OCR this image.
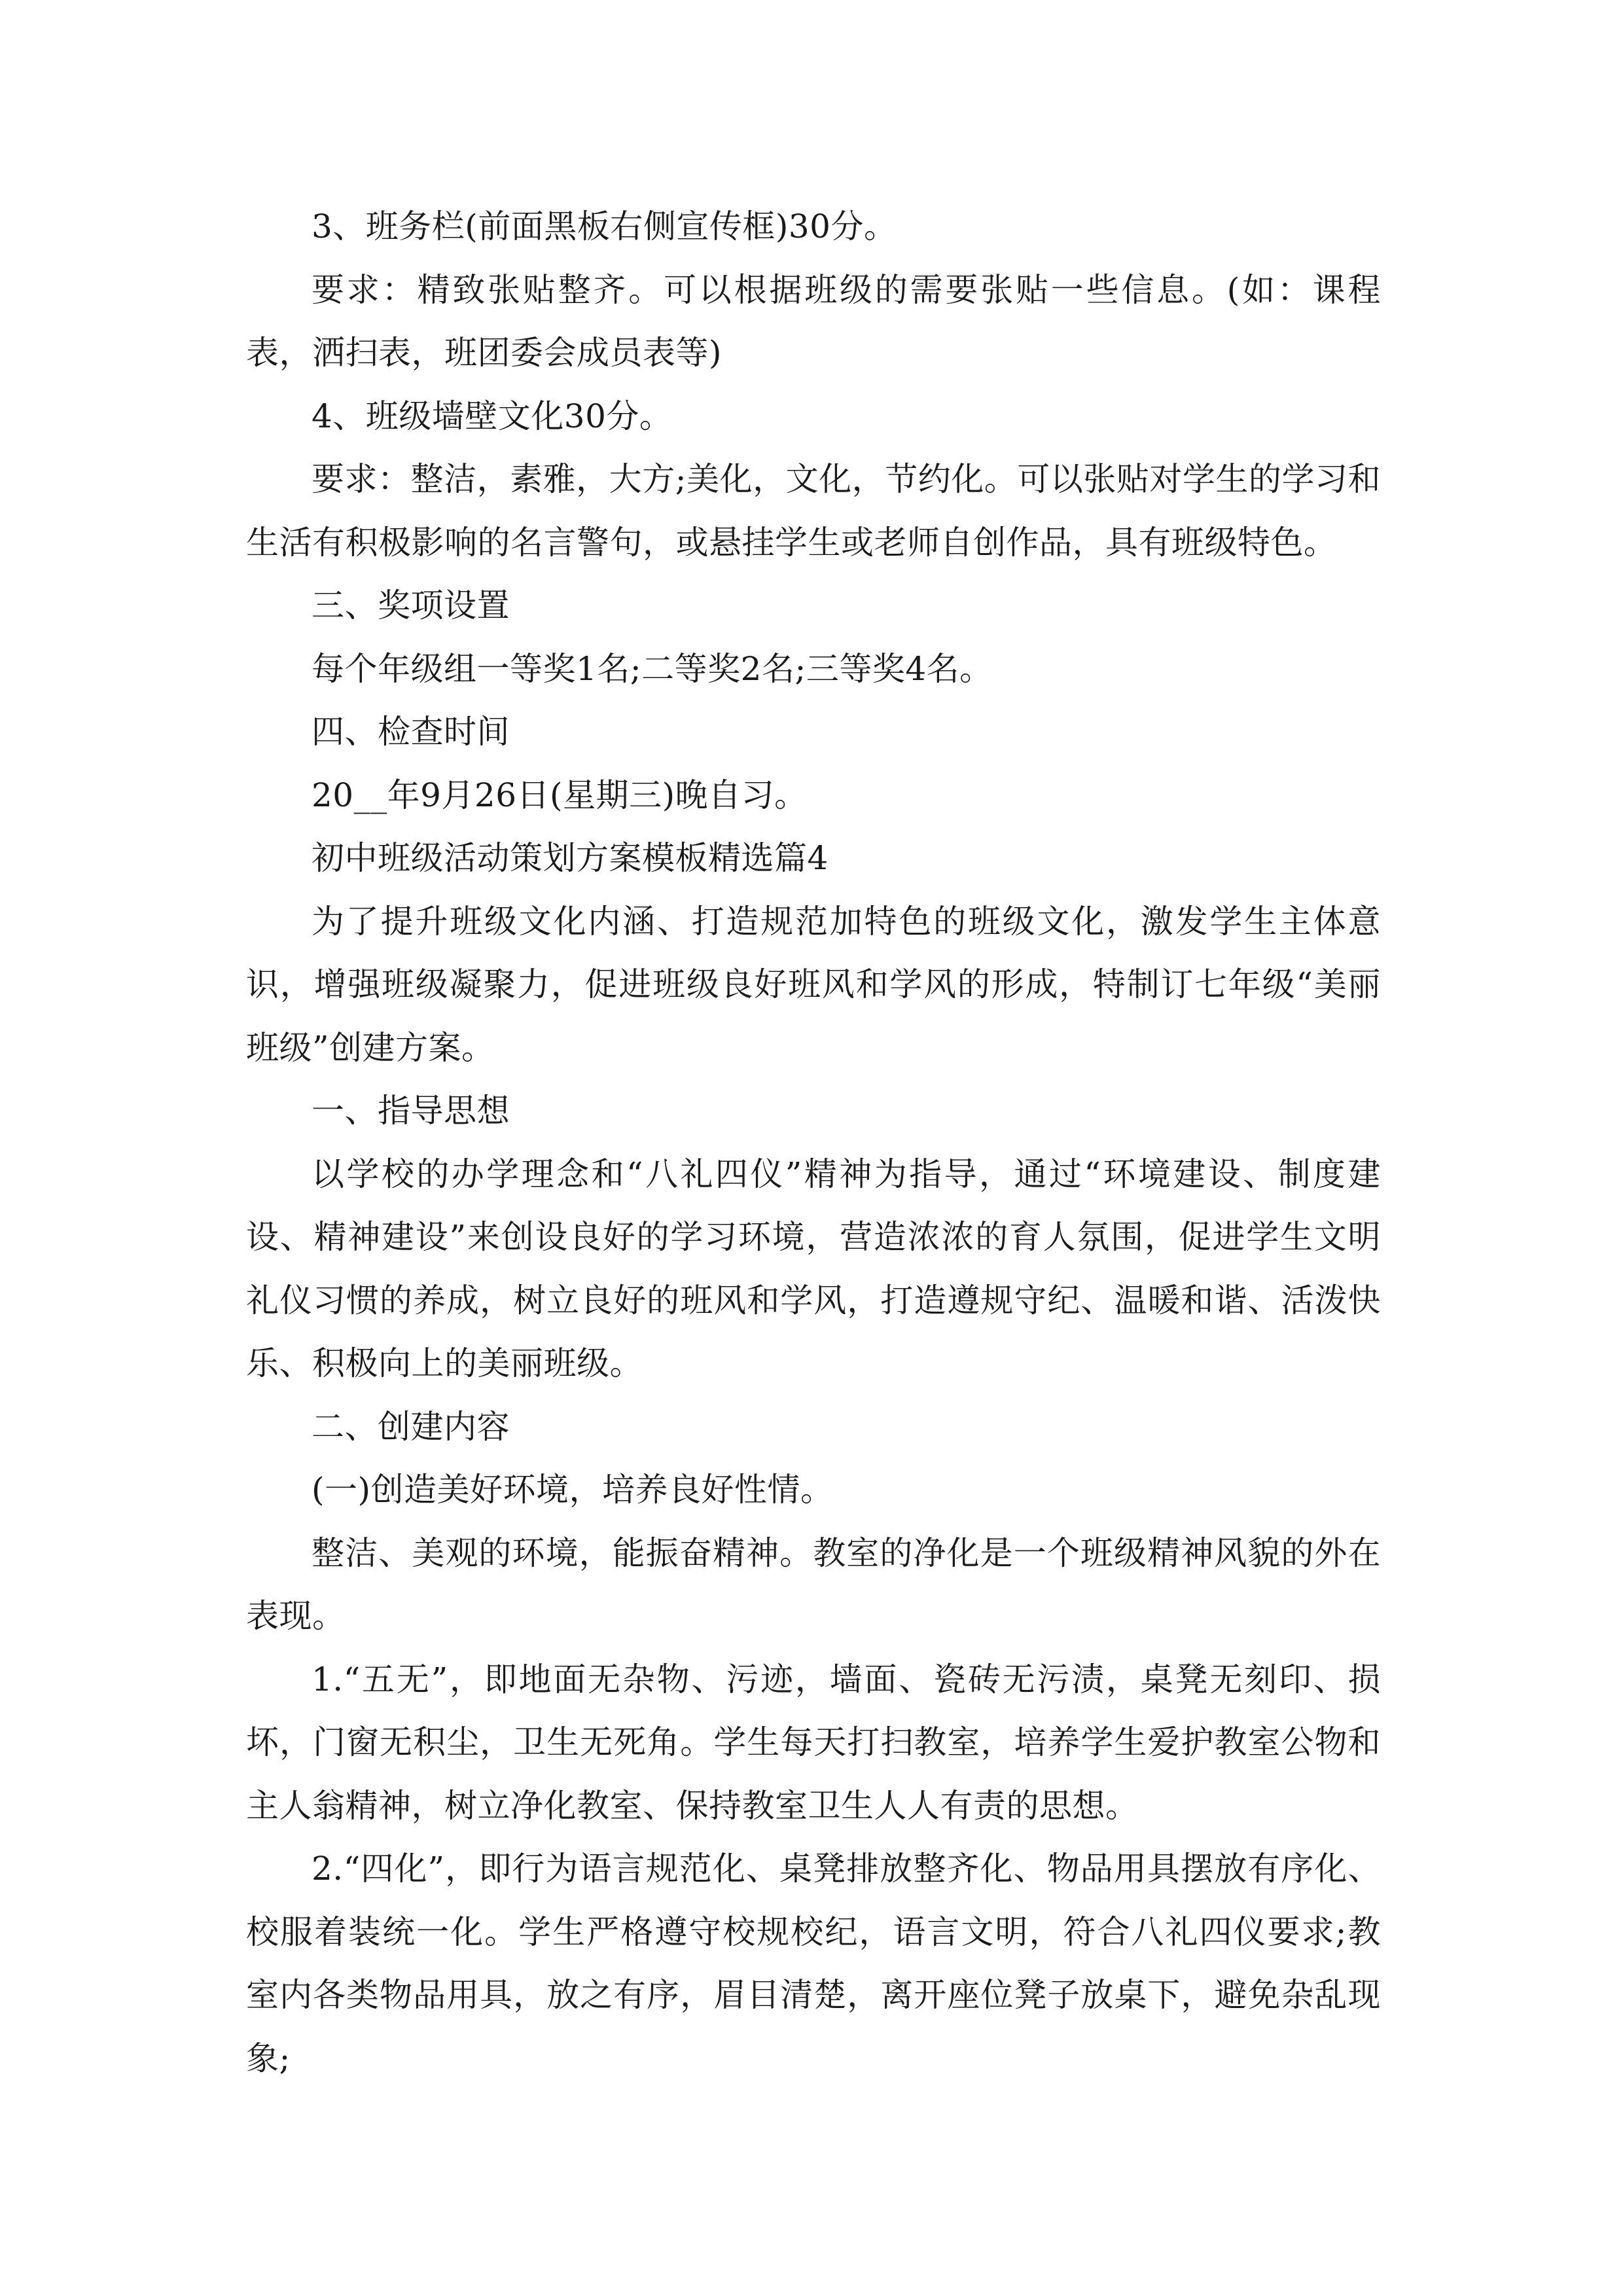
3、班务栏(前面黑板右侧宣传框)30分。

要求：精致张贴整齐。可以根据班级的需要张贴一些信息。(如：课程表，洒扫表，班团委会成员表等)

4、班级墙壁文化30分。

要求：整洁，素雅，大方;美化，文化，节约化。可以张贴对学生的学习和生活有积极影响的名言警句，或悬挂学生或老师自创作品，具有班级特色。

三、奖项设置

每个年级组一等奖1名;二等奖2名;三等奖4名。

四、检查时间

20__年9月26日(星期三)晚自习。

初中班级活动策划方案模板精选篇4

为了提升班级文化内涵、打造规范加特色的班级文化，激发学生主体意识，增强班级凝聚力，促进班级良好班风和学风的形成，特制订七年级“美丽班级”创建方案。

一、指导思想

以学校的办学理念和“八礼四仪”精神为指导，通过“环境建设、制度建设、精神建设”来创设良好的学习环境，营造浓浓的育人氛围，促进学生文明礼仪习惯的养成，树立良好的班风和学风，打造遵规守纪、温暖和谐、活泼快乐、积极向上的美丽班级。

二、创建内容

(一)创造美好环境，培养良好性情。

整洁、美观的环境，能振奋精神。教室的净化是一个班级精神风貌的外在表现。

1.“五无”，即地面无杂物、污迹，墙面、瓷砖无污渍，桌凳无刻印、损坏，门窗无积尘，卫生无死角。学生每天打扫教室，培养学生爱护教室公物和主人翁精神，树立净化教室、保持教室卫生人人有责的思想。

2.“四化”，即行为语言规范化、桌凳排放整齐化、物品用具摆放有序化、校服着装统一化。学生严格遵守校规校纪，语言文明，符合八礼四仪要求;教室内各类物品用具，放之有序，眉目清楚，离开座位凳子放桌下，避免杂乱现象;
